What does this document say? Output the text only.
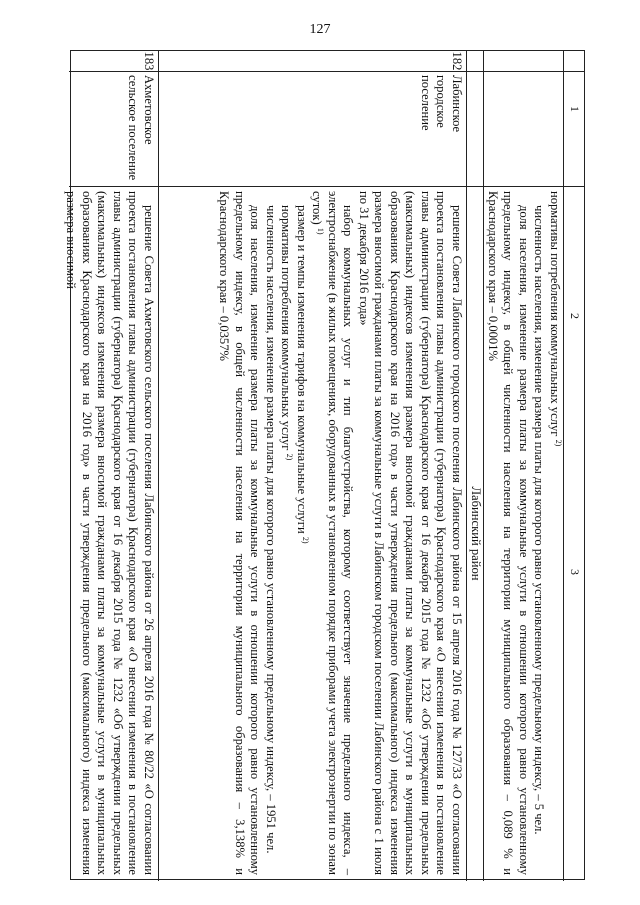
127
1
2
3

нормативы потребления коммунальных услуг $^{2)}$

численность населения, изменение размера платы для которого равно установленному предельному индексу, – 5 чел.

доля населения, изменение размера платы за коммунальные услуги в отношении которого равно установленному предельному индексу, в общей численности населения на территории муниципального образования – 0,089 % и Краснодарского края – 0,0001%

Лабинский район
182
Лабинское городское поселение

решение Совета Лабинского городского поселения Лабинского района от 15 апреля 2016 года № 127/33 «О согласовании проекта постановления главы администрации (губернатора) Краснодарского края «О внесении изменения в постановление главы администрации (губернатора) Краснодарского края от 16 декабря 2015 года № 1232 «Об утверждении предельных (максимальных) индексов изменения размера вносимой гражданами платы за коммунальные услуги в муниципальных образованиях Краснодарского края на 2016 год» в части утверждения предельного (максимального) индекса изменения размера вносимой гражданами платы за коммунальные услуги в Лабинском городском поселении Лабинского района с 1 июля по 31 декабря 2016 года»

набор коммунальных услуг и тип благоустройства, которому соответствует значение предельного индекса, – электроснабжение (в жилых помещениях, оборудованных в установленном порядке приборами учета электроэнергии по зонам суток) $^{1)}$

размер и темпы изменения тарифов на коммунальные услуги $^{2)}$

нормативы потребления коммунальных услуг $^{2)}$

численность населения, изменение размера платы для которого равно установленному предельному индексу, – 1951 чел.

доля населения, изменение размера платы за коммунальные услуги в отношении которого равно установленному предельному индексу, в общей численности населения на территории муниципального образования – 3,138% и Краснодарского края – 0,0357%

183
Ахметовское сельское поселение

решение Совета Ахметовского сельского поселения Лабинского района от 26 апреля 2016 года № 80/22 «О согласовании проекта постановления главы администрации (губернатора) Краснодарского края «О внесении изменения в постановление главы администрации (губернатора) Краснодарского края от 16 декабря 2015 года № 1232 «Об утверждении предельных (максимальных) индексов изменения размера вносимой гражданами платы за коммунальные услуги в муниципальных образованиях Краснодарского края на 2016 год» в части утверждения предельного (максимального) индекса изменения размера вносимой
